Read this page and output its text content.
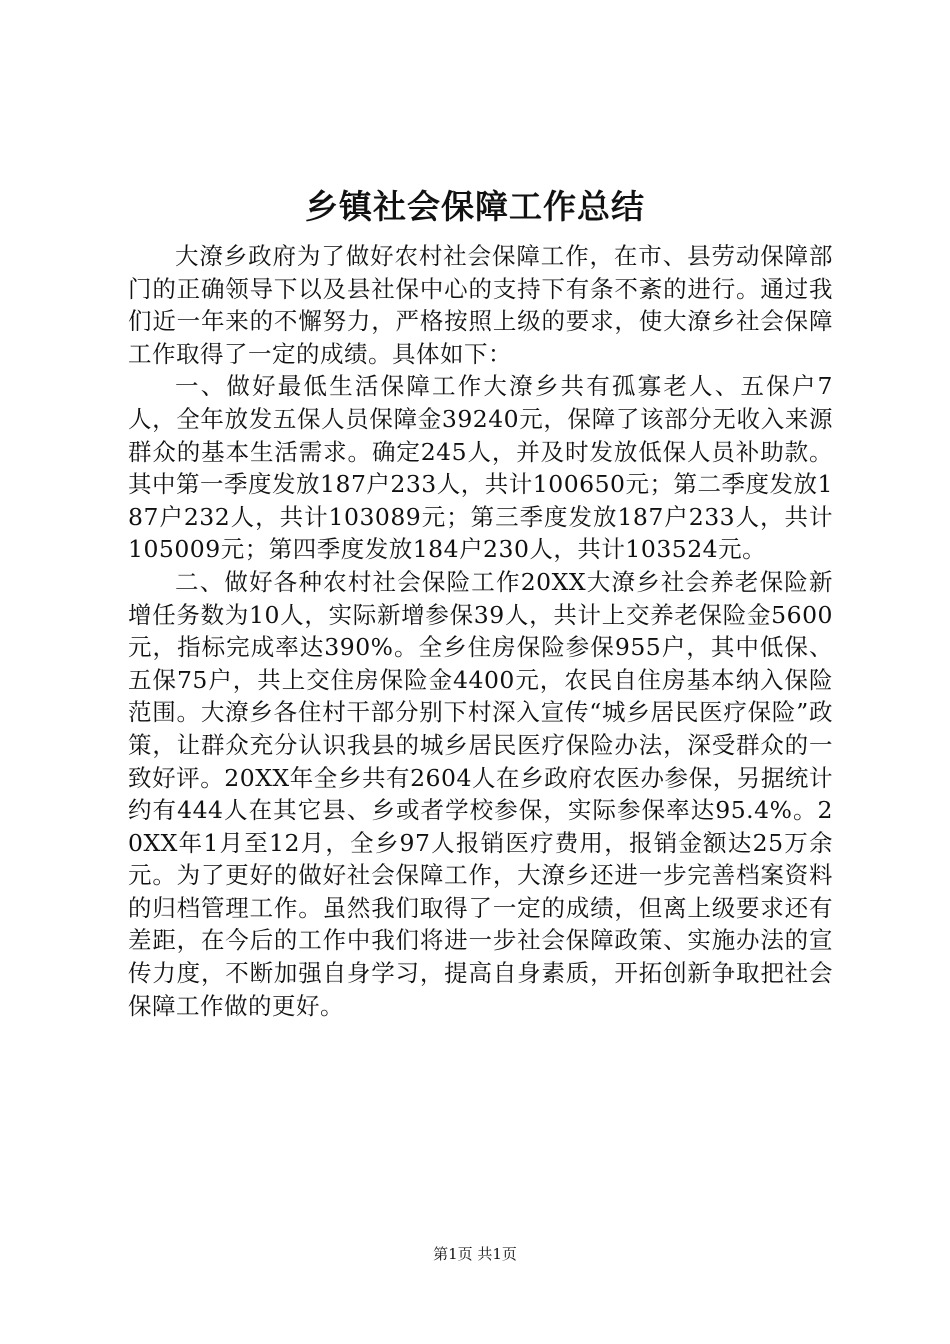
乡镇社会保障工作总结

大潦乡政府为了做好农村社会保障工作，在市、县劳动保障部门的正确领导下以及县社保中心的支持下有条不紊的进行。通过我们近一年来的不懈努力，严格按照上级的要求，使大潦乡社会保障工作取得了一定的成绩。具体如下：

一、做好最低生活保障工作大潦乡共有孤寡老人、五保户7人，全年放发五保人员保障金39240元，保障了该部分无收入来源群众的基本生活需求。确定245人，并及时发放低保人员补助款。其中第一季度发放187户233人，共计100650元；第二季度发放187户232人，共计103089元；第三季度发放187户233人，共计105009元；第四季度发放184户230人，共计103524元。

二、做好各种农村社会保险工作20XX大潦乡社会养老保险新增任务数为10人，实际新增参保39人，共计上交养老保险金5600元，指标完成率达390%。全乡住房保险参保955户，其中低保、五保75户，共上交住房保险金4400元，农民自住房基本纳入保险范围。大潦乡各住村干部分别下村深入宣传“城乡居民医疗保险”政策，让群众充分认识我县的城乡居民医疗保险办法，深受群众的一致好评。20XX年全乡共有2604人在乡政府农医办参保，另据统计约有444人在其它县、乡或者学校参保，实际参保率达95.4%。20XX年1月至12月，全乡97人报销医疗费用，报销金额达25万余元。为了更好的做好社会保障工作，大潦乡还进一步完善档案资料的归档管理工作。虽然我们取得了一定的成绩，但离上级要求还有差距，在今后的工作中我们将进一步社会保障政策、实施办法的宣传力度，不断加强自身学习，提高自身素质，开拓创新争取把社会保障工作做的更好。

第1页 共1页
